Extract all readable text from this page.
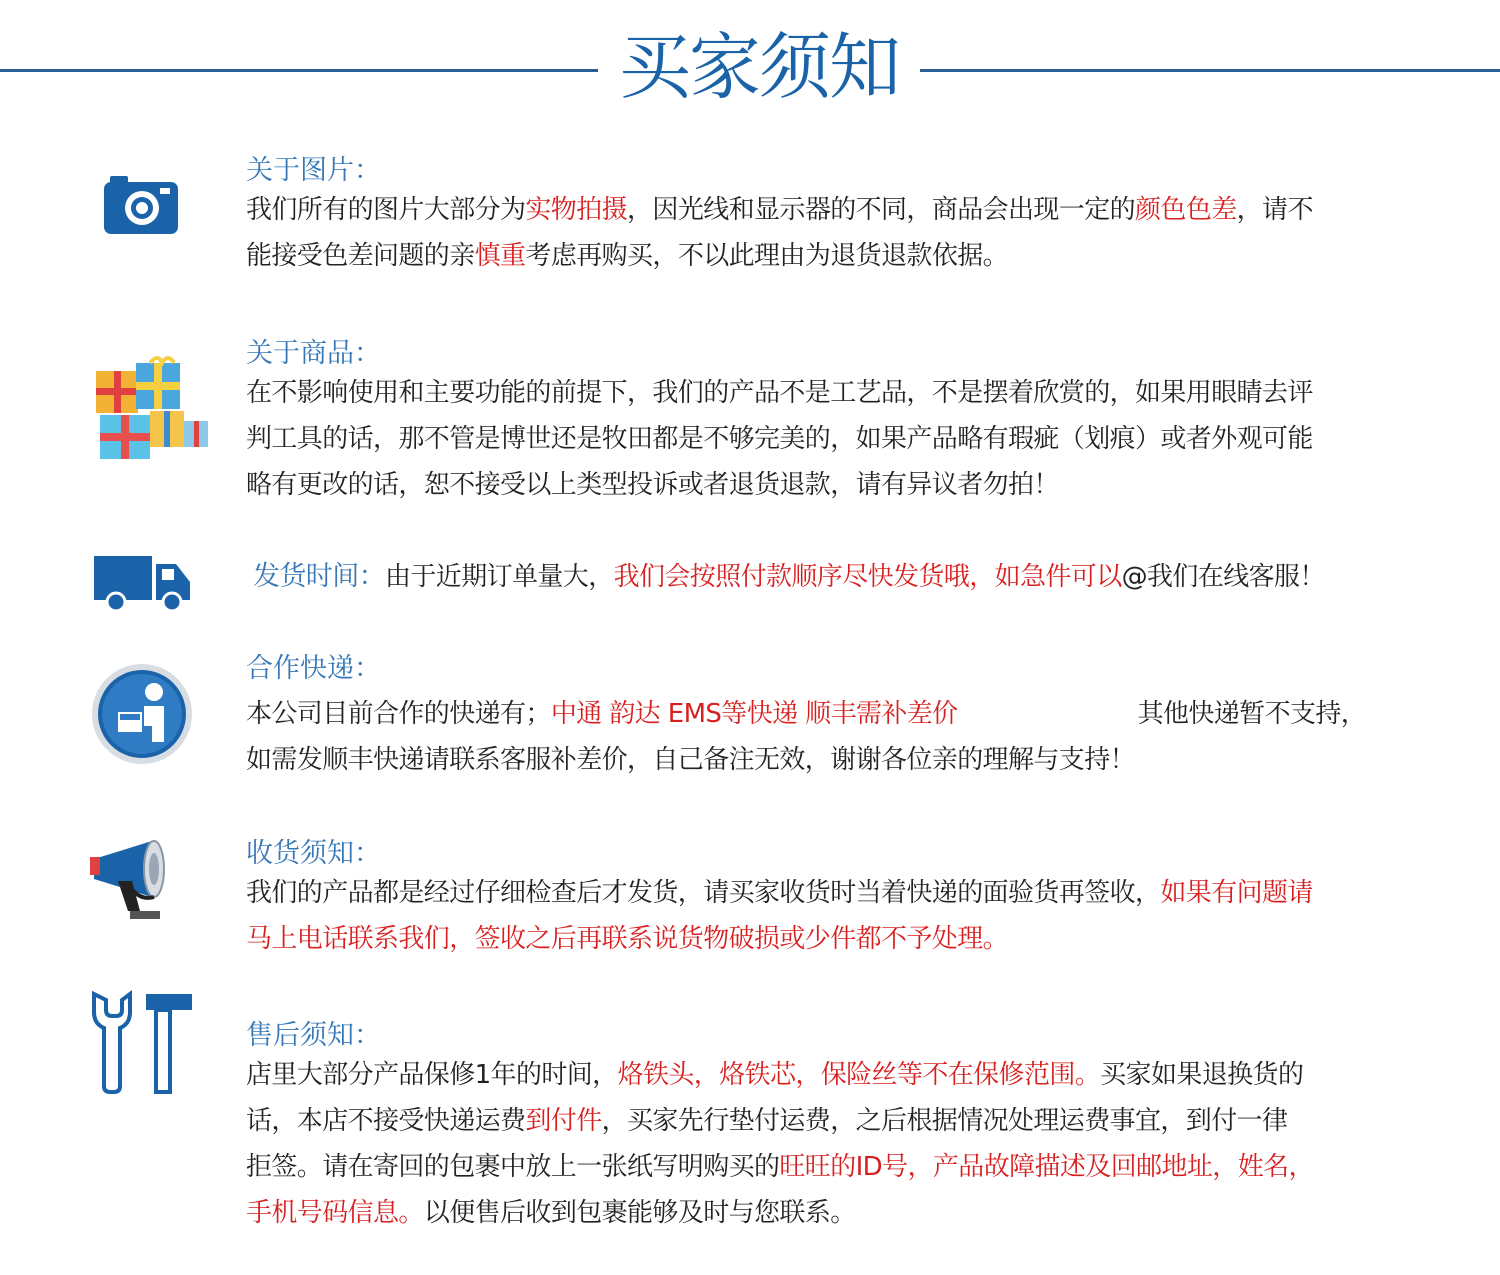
买家须知
关于图片：
我们所有的图片大部分为实物拍摄，因光线和显示器的不同，商品会出现一定的颜色色差，请不
能接受色差问题的亲慎重考虑再购买，不以此理由为退货退款依据。
关于商品：
在不影响使用和主要功能的前提下，我们的产品不是工艺品，不是摆着欣赏的，如果用眼睛去评
判工具的话，那不管是博世还是牧田都是不够完美的，如果产品略有瑕疵（划痕）或者外观可能
略有更改的话，恕不接受以上类型投诉或者退货退款，请有异议者勿拍！
发货时间：由于近期订单量大，我们会按照付款顺序尽快发货哦，如急件可以@我们在线客服！
合作快递：
本公司目前合作的快递有；中通 韵达 EMS等快递 顺丰需补差价	其他快递暂不支持，
如需发顺丰快递请联系客服补差价，自己备注无效，谢谢各位亲的理解与支持！
收货须知：
我们的产品都是经过仔细检查后才发货，请买家收货时当着快递的面验货再签收，如果有问题请
马上电话联系我们，签收之后再联系说货物破损或少件都不予处理。
售后须知：
店里大部分产品保修1年的时间，烙铁头，烙铁芯，保险丝等不在保修范围。买家如果退换货的
话，本店不接受快递运费到付件，买家先行垫付运费，之后根据情况处理运费事宜，到付一律
拒签。请在寄回的包裹中放上一张纸写明购买的旺旺的ID号，产品故障描述及回邮地址，姓名，
手机号码信息。以便售后收到包裹能够及时与您联系。
